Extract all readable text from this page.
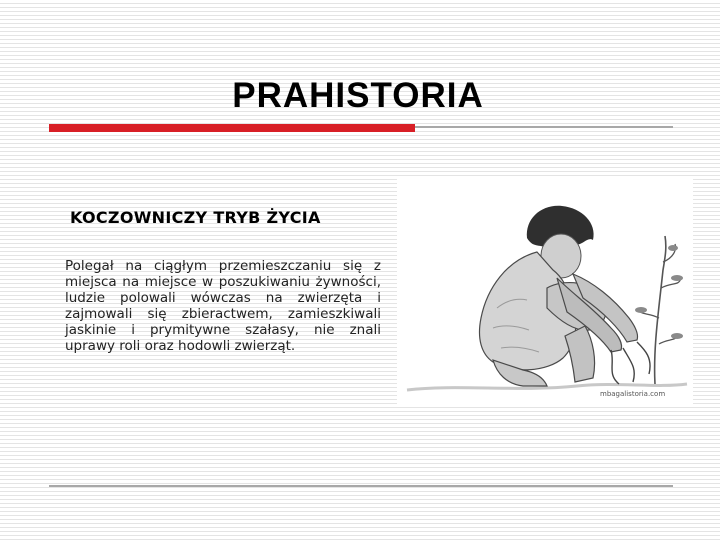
PRAHISTORIA
KOCZOWNICZY TRYB ŻYCIA
Polegał na ciągłym przemieszczaniu się z miejsca na miejsce w poszukiwaniu żywności, ludzie polowali wówczas na zwierzęta i zajmowali się zbieractwem, zamieszkiwali jaskinie i prymitywne szałasy, nie znali uprawy roli oraz hodowli zwierząt.
mbagalistoria.com
